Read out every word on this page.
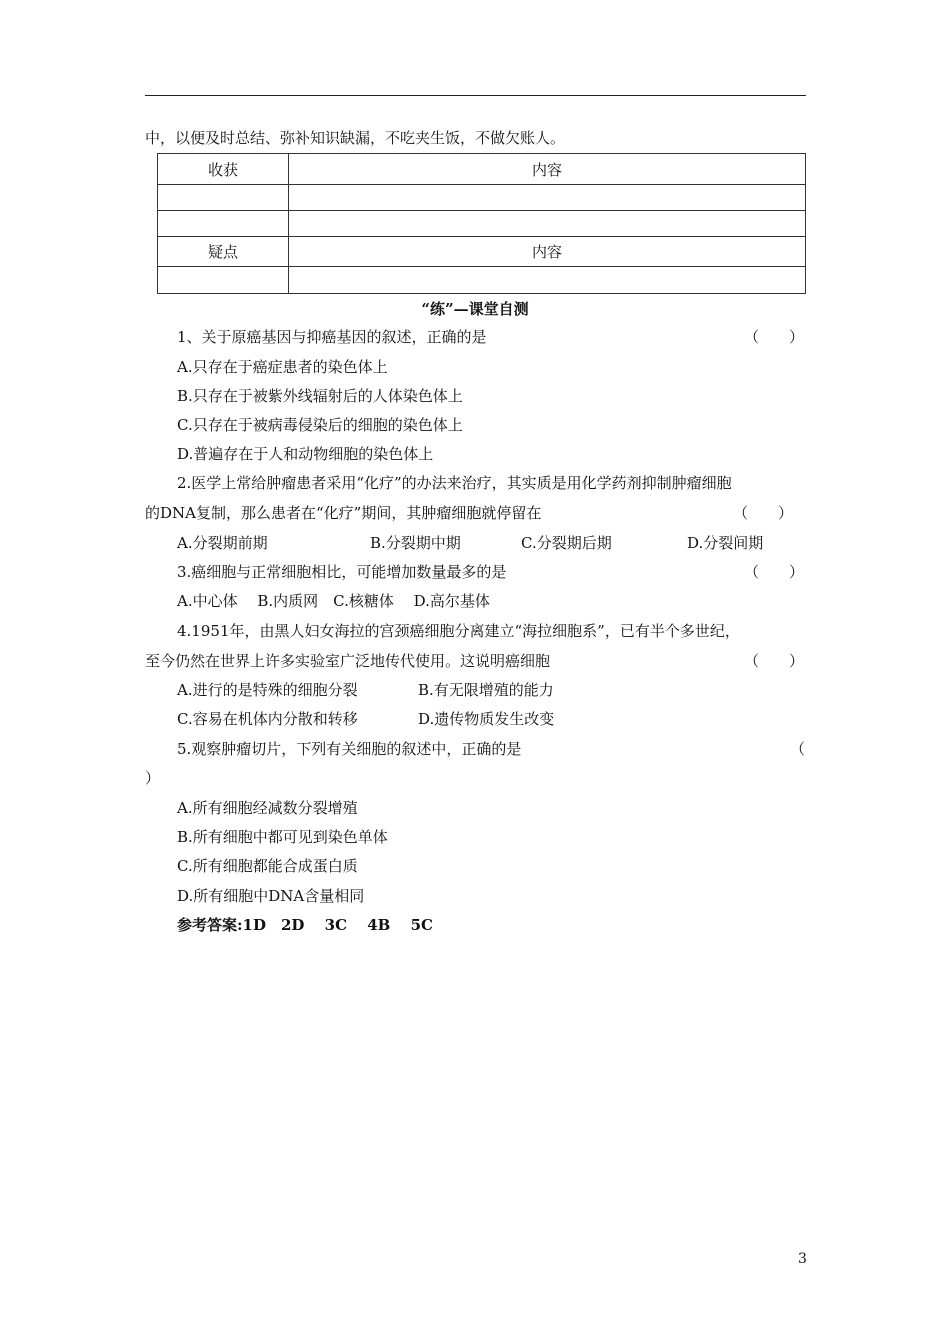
中，以便及时总结、弥补知识缺漏，不吃夹生饭，不做欠账人。
收获	内容

疑点	内容

“练”—课堂自测
1、关于原癌基因与抑癌基因的叙述，正确的是	（　　）
A.只存在于癌症患者的染色体上
B.只存在于被紫外线辐射后的人体染色体上
C.只存在于被病毒侵染后的细胞的染色体上
D.普遍存在于人和动物细胞的染色体上
2.医学上常给肿瘤患者采用“化疗”的办法来治疗，其实质是用化学药剂抑制肿瘤细胞
的DNA复制，那么患者在“化疗”期间，其肿瘤细胞就停留在	（　　）
A.分裂期前期	B.分裂期中期	C.分裂期后期	D.分裂间期
3.癌细胞与正常细胞相比，可能增加数量最多的是	（　　）
A.中心体　 B.内质网　C.核糖体　 D.高尔基体
4.1951年，由黑人妇女海拉的宫颈癌细胞分离建立“海拉细胞系”，已有半个多世纪，
至今仍然在世界上许多实验室广泛地传代使用。这说明癌细胞	（　　）
A.进行的是特殊的细胞分裂	B.有无限增殖的能力
C.容易在机体内分散和转移	D.遗传物质发生改变
5.观察肿瘤切片，下列有关细胞的叙述中，正确的是	（
）
A.所有细胞经减数分裂增殖
B.所有细胞中都可见到染色单体
C.所有细胞都能合成蛋白质
D.所有细胞中DNA含量相同
参考答案:1D　2D　 3C　 4B　 5C
3
